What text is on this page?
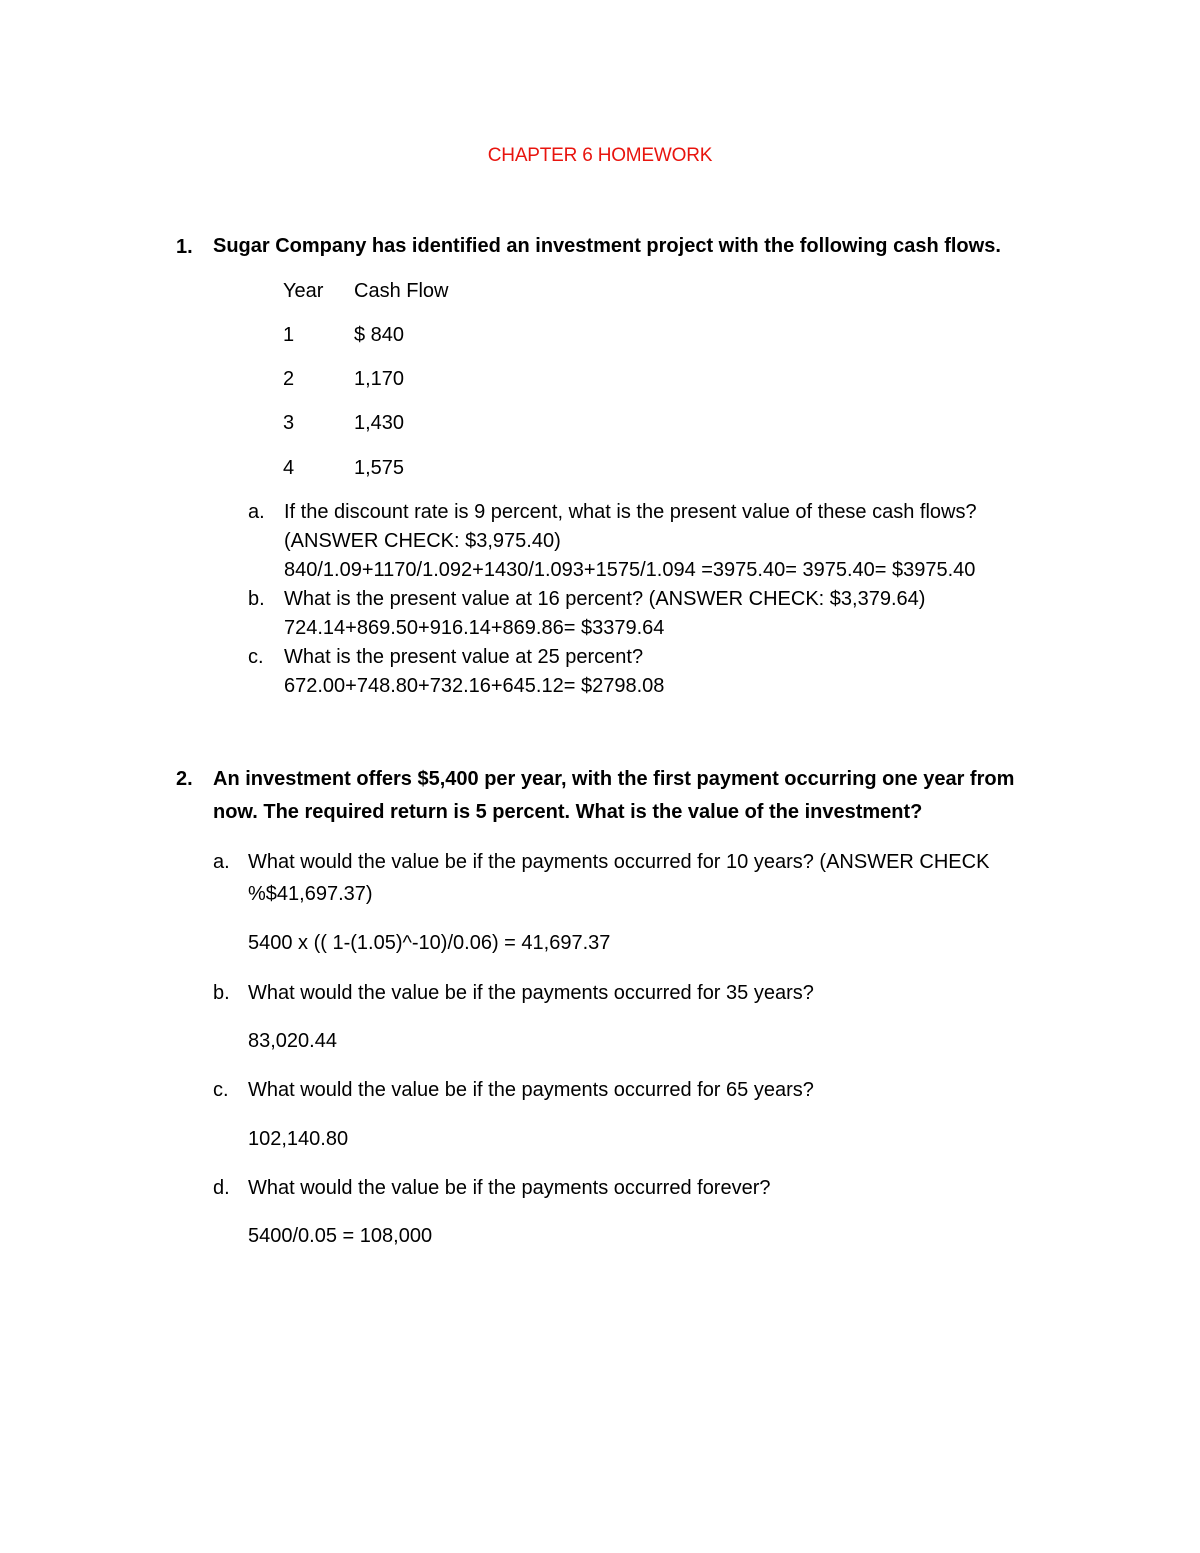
CHAPTER 6 HOMEWORK
1. Sugar Company has identified an investment project with the following cash flows.
Year Cash Flow
1	$ 840
2	1,170
3	1,430
4	1,575
a. If the discount rate is 9 percent, what is the present value of these cash flows?
(ANSWER CHECK: $3,975.40)
840/1.09+1170/1.092+1430/1.093+1575/1.094 =3975.40= 3975.40= $3975.40
b. What is the present value at 16 percent? (ANSWER CHECK: $3,379.64)
724.14+869.50+916.14+869.86= $3379.64
c. What is the present value at 25 percent?
672.00+748.80+732.16+645.12= $2798.08
2. An investment offers $5,400 per year, with the first payment occurring one year from
now. The required return is 5 percent. What is the value of the investment?
a. What would the value be if the payments occurred for 10 years? (ANSWER CHECK
%$41,697.37)
5400 x (( 1-(1.05)^-10)/0.06) = 41,697.37
b. What would the value be if the payments occurred for 35 years?
83,020.44
c. What would the value be if the payments occurred for 65 years?
102,140.80
d. What would the value be if the payments occurred forever?
5400/0.05 = 108,000
